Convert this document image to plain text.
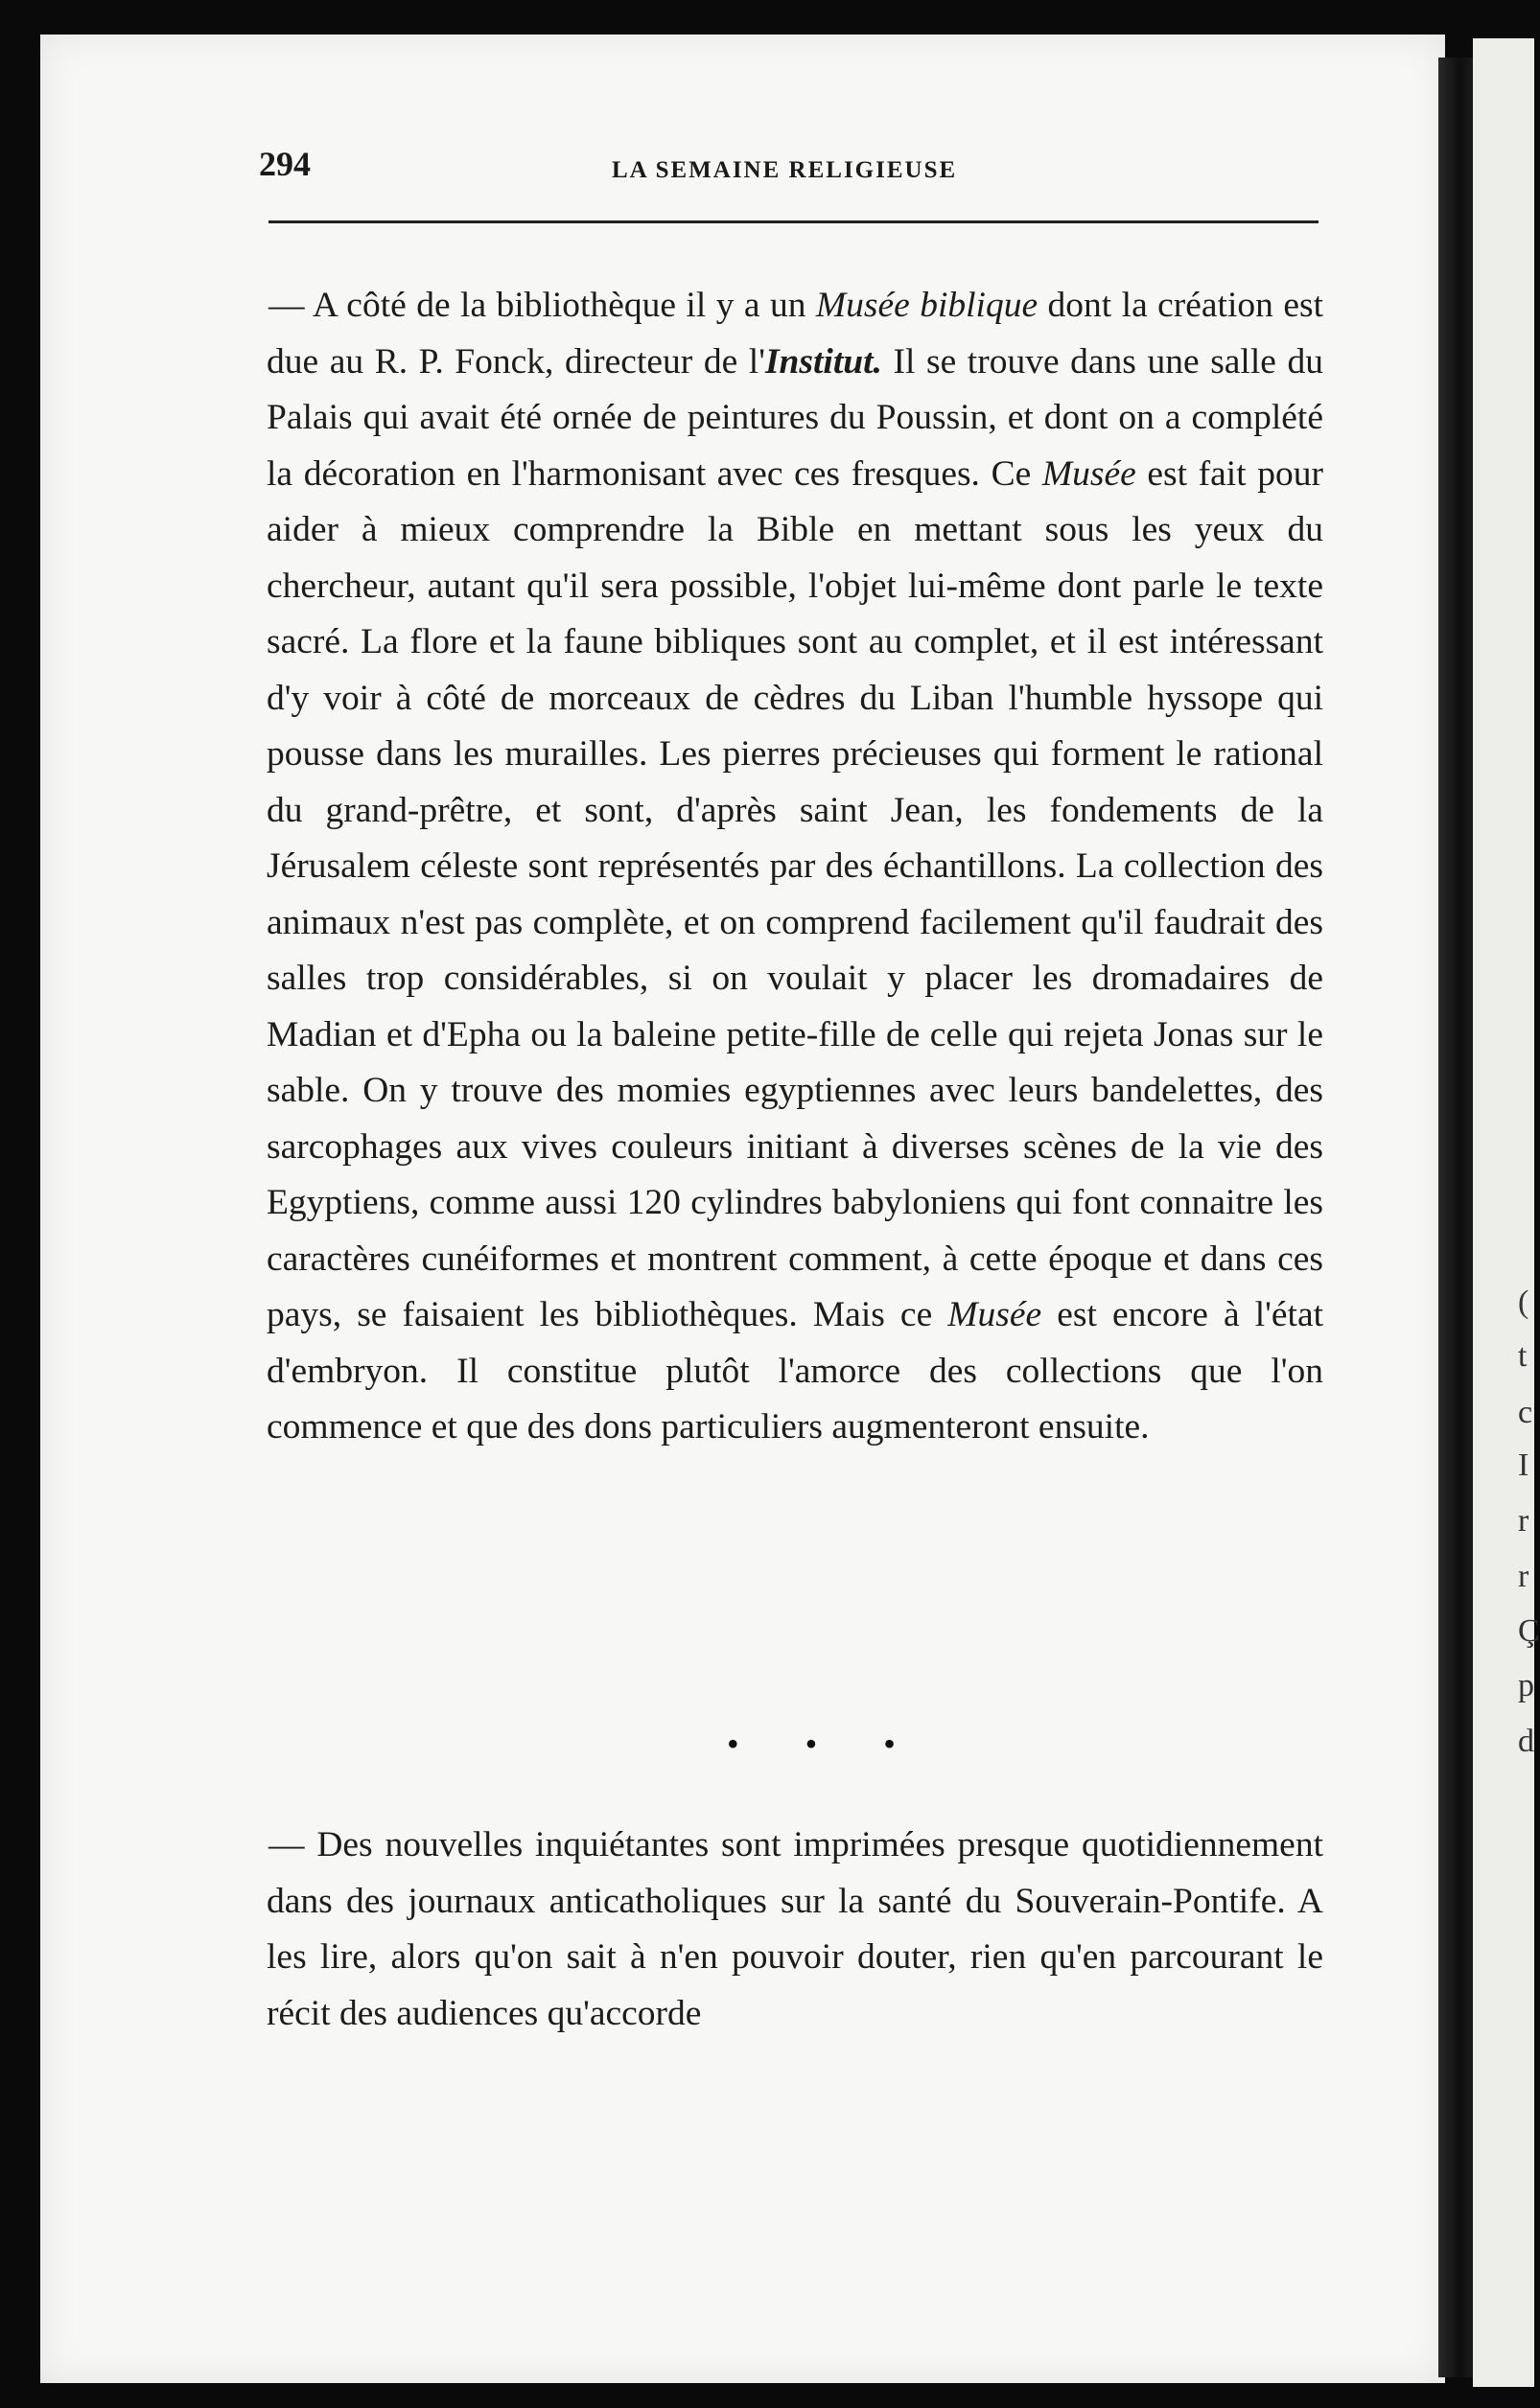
(
t
c
I
r
r
Ç
p
d
294	LA SEMAINE RELIGIEUSE

— A côté de la bibliothèque il y a un Musée biblique dont la création est due au R. P. Fonck, directeur de l'Institut. Il se trouve dans une salle du Palais qui avait été ornée de peintures du Poussin, et dont on a complété la décoration en l'harmonisant avec ces fresques. Ce Musée est fait pour aider à mieux comprendre la Bible en mettant sous les yeux du chercheur, autant qu'il sera possible, l'objet lui-même dont parle le texte sacré. La flore et la faune bibliques sont au complet, et il est intéressant d'y voir à côté de morceaux de cèdres du Liban l'humble hyssope qui pousse dans les murailles. Les pierres précieuses qui forment le rational du grand-prêtre, et sont, d'après saint Jean, les fondements de la Jérusalem céleste sont représentés par des échantillons. La collection des animaux n'est pas complète, et on comprend facilement qu'il faudrait des salles trop considérables, si on voulait y placer les dromadaires de Madian et d'Epha ou la baleine petite-fille de celle qui rejeta Jonas sur le sable. On y trouve des momies egyptiennes avec leurs bandelettes, des sarcophages aux vives couleurs initiant à diverses scènes de la vie des Egyptiens, comme aussi 120 cylindres babyloniens qui font connaitre les caractères cunéiformes et montrent comment, à cette époque et dans ces pays, se faisaient les bibliothèques. Mais ce Musée est encore à l'état d'embryon. Il constitue plutôt l'amorce des collections que l'on commence et que des dons particuliers augmenteront ensuite.

• • •

— Des nouvelles inquiétantes sont imprimées presque quotidiennement dans des journaux anticatholiques sur la santé du Souverain-Pontife. A les lire, alors qu'on sait à n'en pouvoir douter, rien qu'en parcourant le récit des audiences qu'accorde
